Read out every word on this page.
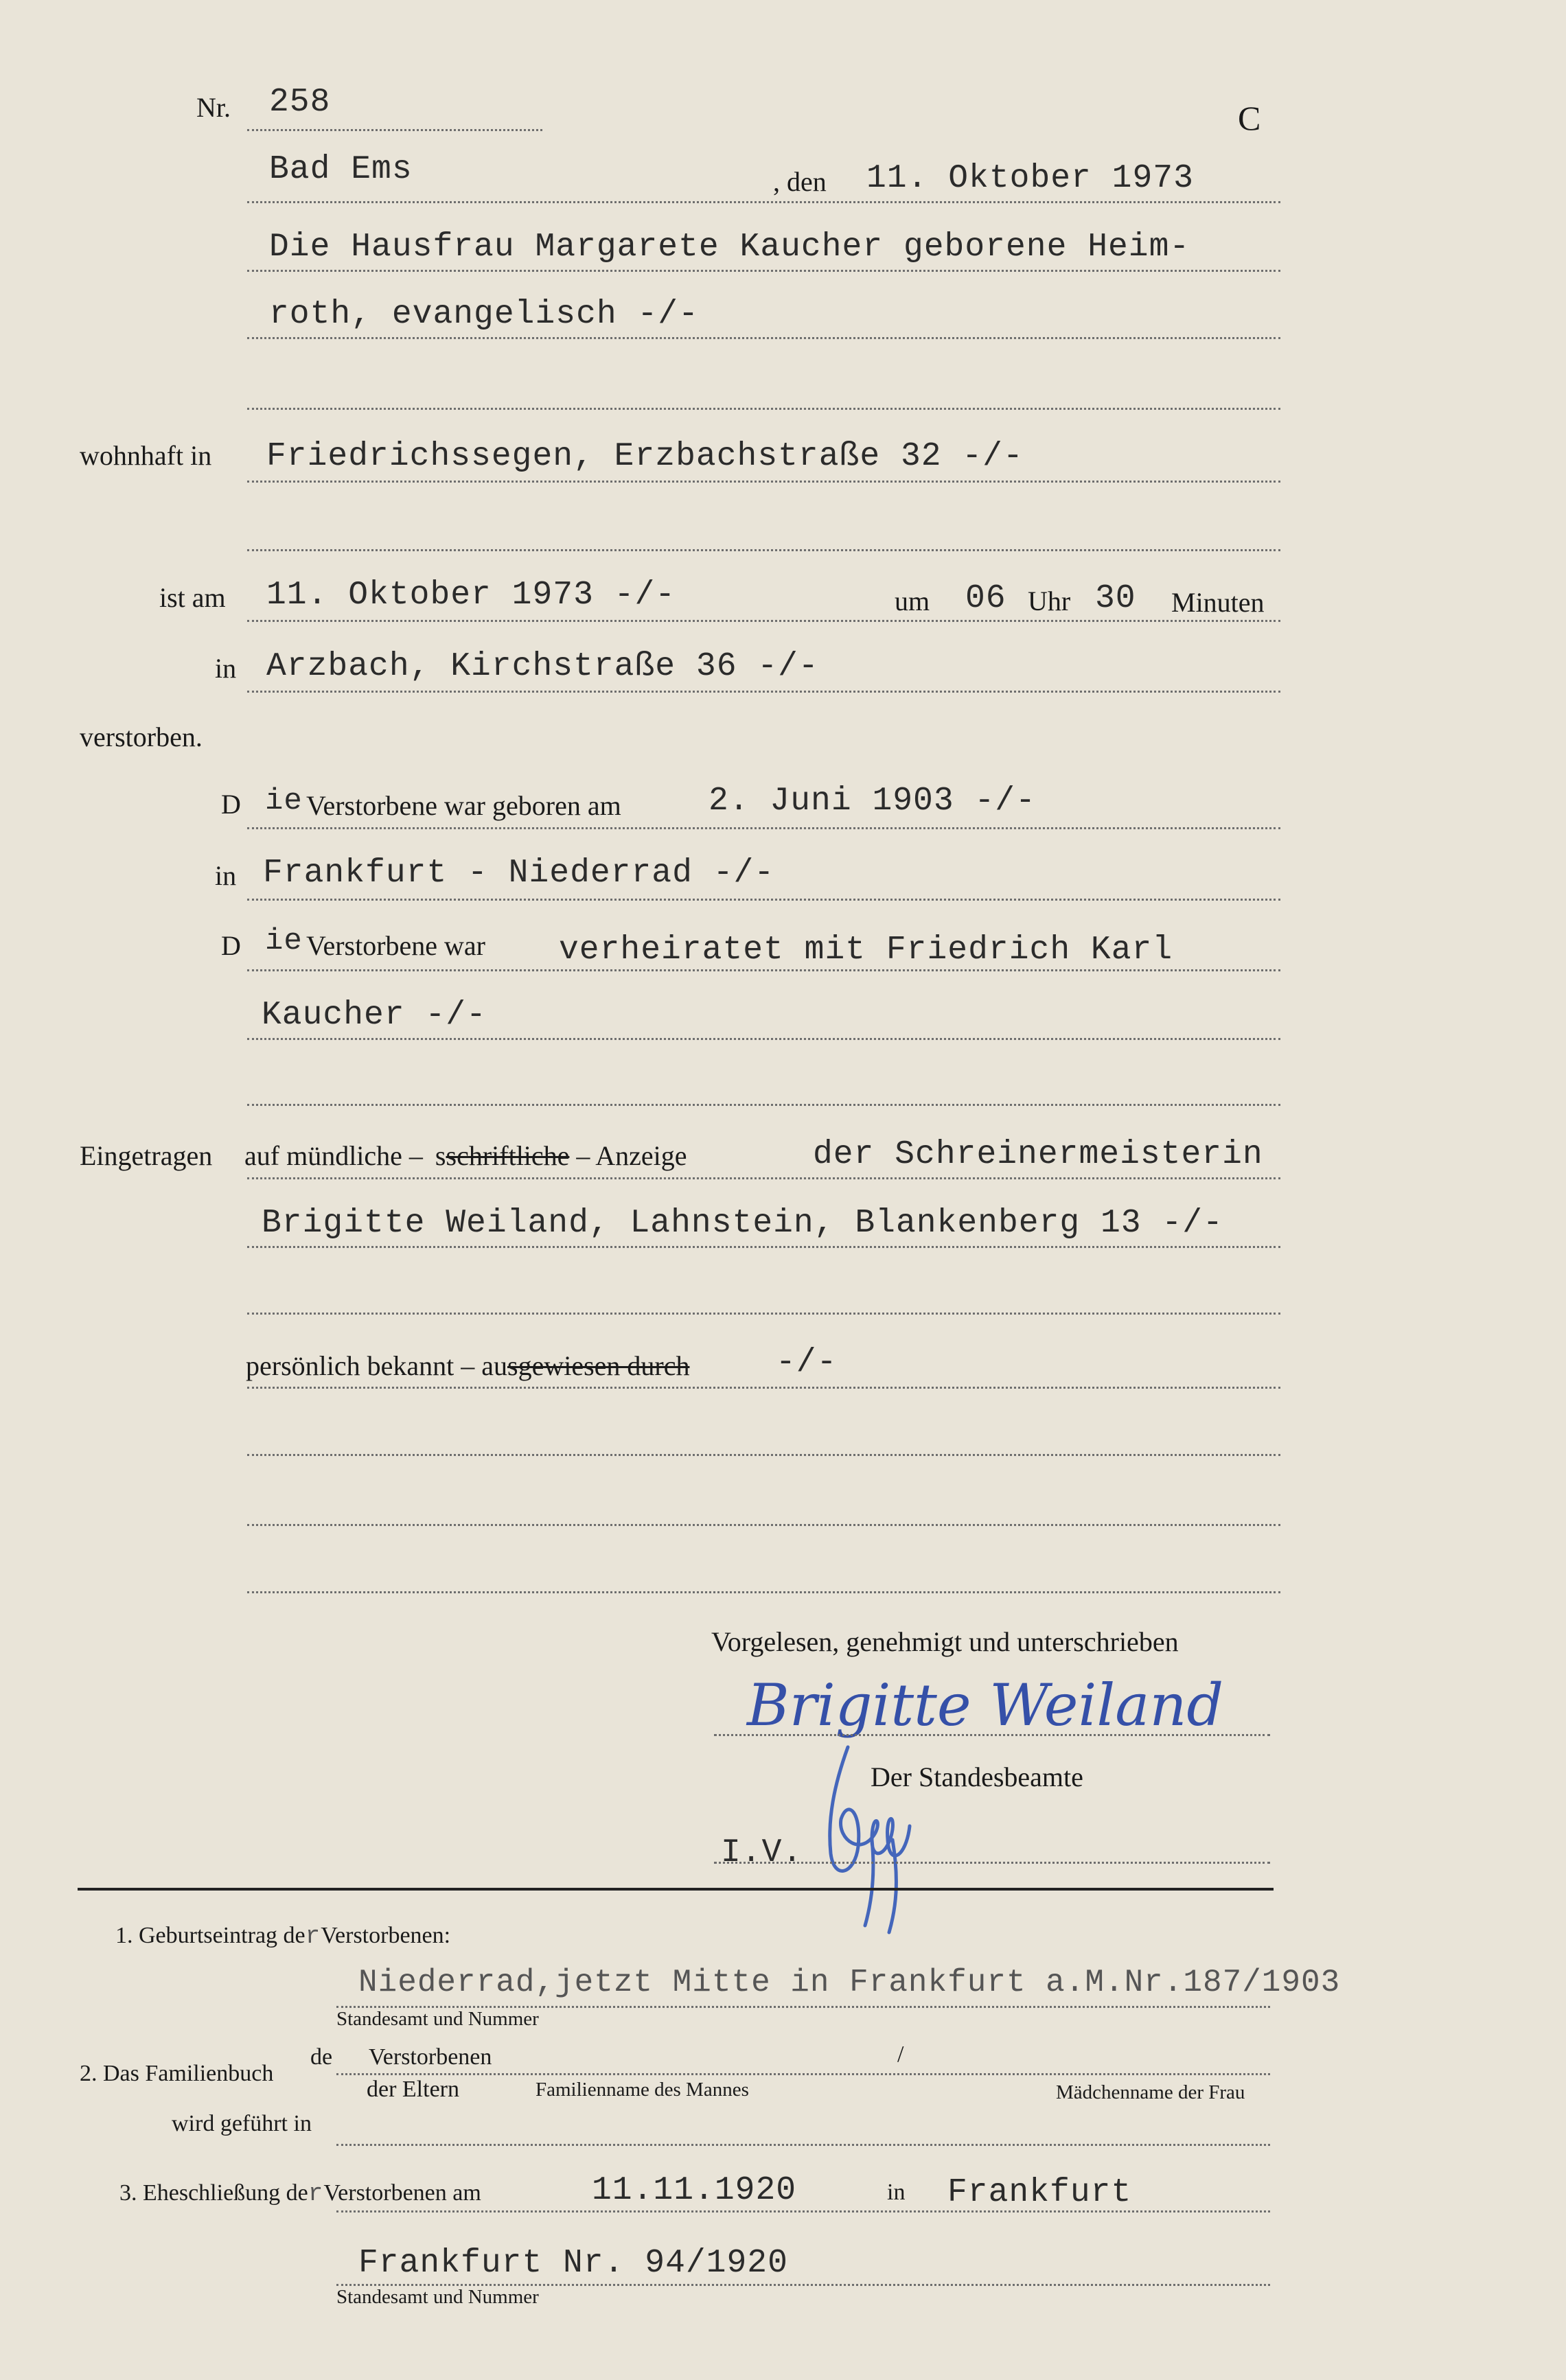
Nr. 258	C
Bad Ems	, den 11. Oktober 1973
Die Hausfrau Margarete Kaucher geborene Heim-
roth, evangelisch -/-
wohnhaft in Friedrichssegen, Erzbachstraße 32 -/-
ist am 11. Oktober 1973 -/-	um 06 Uhr 30 Minuten
in Arzbach, Kirchstraße 36 -/-
verstorben.
D ie Verstorbene war geboren am	2. Juni 1903 -/-
in Frankfurt - Niederrad -/-
D ie Verstorbene war verheiratet mit Friedrich Karl
Kaucher -/-
Eingetragen auf mündliche – sschriftliche – Anzeige	der Schreinermeisterin
Brigitte Weiland, Lahnstein, Blankenberg 13 -/-
persönlich bekannt – ausgewiesen durch	-/-
Vorgelesen, genehmigt und unterschrieben
Brigitte Weiland
Der Standesbeamte
I.V.
1. Geburtseintrag derVerstorbenen:
Niederrad,jetzt Mitte in Frankfurt a.M.Nr.187/1903
Standesamt und Nummer
2. Das Familienbuch
de Verstorbenen	/
der Eltern	Familienname des Mannes	Mädchenname der Frau
wird geführt in
3. Eheschließung derVerstorbenen am	11.11.1920	in Frankfurt
Frankfurt Nr. 94/1920
Standesamt und Nummer
